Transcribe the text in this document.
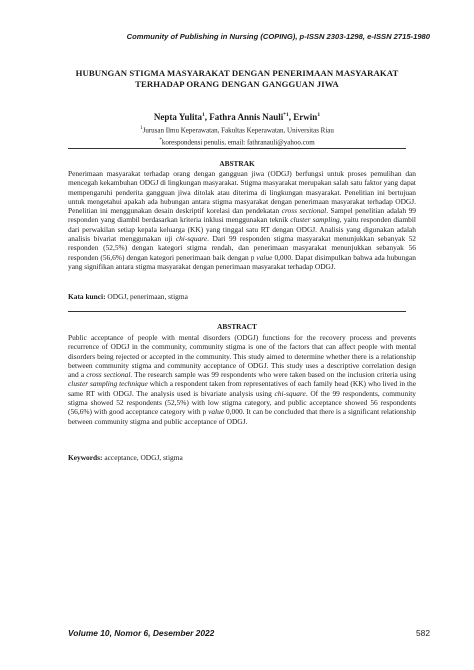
Community of Publishing in Nursing (COPING), p-ISSN 2303-1298, e-ISSN 2715-1980
HUBUNGAN STIGMA MASYARAKAT DENGAN PENERIMAAN MASYARAKAT
TERHADAP ORANG DENGAN GANGGUAN JIWA
Nepta Yulita$^1$, Fathra Annis Nauli$^{*1}$, Erwin$^1$
$^1$Jurusan Ilmu Keperawatan, Fakultas Keperawatan, Universitas Riau
*korespondensi penulis, email: fathranauli@yahoo.com
ABSTRAK
Penerimaan masyarakat terhadap orang dengan gangguan jiwa (ODGJ) berfungsi untuk proses pemulihan dan mencegah kekambuhan ODGJ di lingkungan masyarakat. Stigma masyarakat merupakan salah satu faktor yang dapat mempengaruhi penderita gangguan jiwa ditolak atau diterima di lingkungan masyarakat. Penelitian ini bertujuan untuk mengetahui apakah ada hubungan antara stigma masyarakat dengan penerimaan masyarakat terhadap ODGJ. Penelitian ini menggunakan desain deskriptif korelasi dan pendekatan cross sectional. Sampel penelitian adalah 99 responden yang diambil berdasarkan kriteria inklusi menggunakan teknik cluster sampling, yaitu responden diambil dari perwakilan setiap kepala keluarga (KK) yang tinggal satu RT dengan ODGJ. Analisis yang digunakan adalah analisis bivariat menggunakan uji chi-square. Dari 99 responden stigma masyarakat menunjukkan sebanyak 52 responden (52,5%) dengan kategori stigma rendah, dan penerimaan masyarakat menunjukkan sebanyak 56 responden (56,6%) dengan kategori penerimaan baik dengan p value 0,000. Dapat disimpulkan bahwa ada hubungan yang signifikan antara stigma masyarakat dengan penerimaan masyarakat terhadap ODGJ.
Kata kunci: ODGJ, penerimaan, stigma
ABSTRACT
Public acceptance of people with mental disorders (ODGJ) functions for the recovery process and prevents recurrence of ODGJ in the community, community stigma is one of the factors that can affect people with mental disorders being rejected or accepted in the community. This study aimed to determine whether there is a relationship between community stigma and community acceptance of ODGJ. This study uses a descriptive correlation design and a cross sectional. The research sample was 99 respondents who were taken based on the inclusion criteria using cluster sampling technique which a respondent taken from representatives of each family head (KK) who lived in the same RT with ODGJ. The analysis used is bivariate analysis using chi-square. Of the 99 respondents, community stigma showed 52 respondents (52,5%) with low stigma category, and public acceptance showed 56 respondents (56,6%) with good acceptance category with p value 0,000. It can be concluded that there is a significant relationship between community stigma and public acceptance of ODGJ.
Keywords: acceptance, ODGJ, stigma
Volume 10, Nomor 6, Desember 2022	582
